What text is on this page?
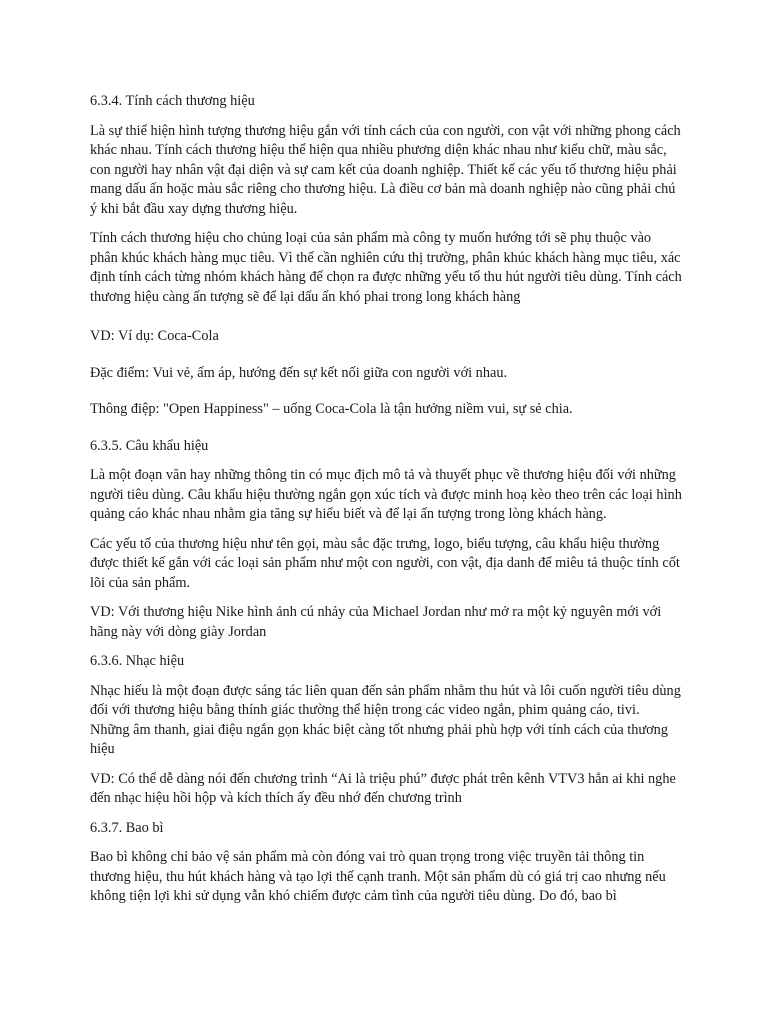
6.3.4. Tính cách thương hiệu

Là sự thiể hiện hình tượng thương hiệu gắn với tính cách của con người, con vật với những phong cách khác nhau. Tính cách thương hiệu thể hiện qua nhiều phương diện khác nhau như kiểu chữ, màu sắc, con người hay nhân vật đại diện và sự cam kết của doanh nghiệp. Thiết kế các yếu tố thương hiệu phải mang dấu ấn hoặc màu sắc riêng cho thương hiệu. Là điều cơ bản mà doanh nghiệp nào cũng phải chú ý khi bắt đầu xay dựng thương hiệu.

Tính cách thương hiệu cho chủng loại của sản phẩm mà công ty muốn hướng tới sẽ phụ thuộc vào phân khúc khách hàng mục tiêu. Vì thế cần nghiên cứu thị trường, phân khúc khách hàng mục tiêu, xác định tính cách từng nhóm khách hàng để chọn ra được những yếu tố thu hút người tiêu dùng. Tính cách thương hiệu càng ấn tượng sẽ để lại dấu ấn khó phai trong long khách hàng

VD: Ví dụ: Coca-Cola

Đặc điểm: Vui vẻ, ấm áp, hướng đến sự kết nối giữa con người với nhau.

Thông điệp: "Open Happiness" – uống Coca-Cola là tận hưởng niềm vui, sự sẻ chia.

6.3.5. Câu khẩu hiệu

Là một đoạn văn hay những thông tin có mục địch mô tả và thuyết phục về thương hiệu đối với những người tiêu dùng. Câu khẩu hiệu thường ngắn gọn xúc tích và được minh hoạ kèo theo trên các loại hình quảng cáo khác nhau nhằm gia tăng sự hiểu biết và để lại ấn tượng trong lòng khách hàng.

Các yếu tố của thương hiệu như tên gọi, màu sắc đặc trưng, logo, biểu tượng, câu khẩu hiệu thường được thiết kế gắn với các loại sản phẩm như một con người, con vật, địa danh để miêu tả thuộc tính cốt lõi của sản phẩm.

VD: Với thương hiệu Nike hình ảnh cú nhảy của Michael Jordan như mở ra một kỷ nguyên mới với hãng này với dòng giày Jordan

6.3.6. Nhạc hiệu

Nhạc hiếu là một đoạn được sáng tác liên quan đến sản phẩm nhằm thu hút và lôi cuốn người tiêu dùng đối với thương hiệu bằng thính giác thường thể hiện trong các video ngắn, phim quảng cáo, tivi. Những âm thanh, giai điệu ngắn gọn khác biệt càng tốt nhưng phải phù hợp với tính cách của thương hiệu

VD: Có thể dễ dàng nói đến chương trình “Ai là triệu phú” được phát trên kênh VTV3 hẳn ai khi nghe đến nhạc hiệu hồi hộp và kích thích ấy đều nhớ đến chương trình

6.3.7. Bao bì

Bao bì không chỉ bảo vệ sản phẩm mà còn đóng vai trò quan trọng trong việc truyền tải thông tin thương hiệu, thu hút khách hàng và tạo lợi thế cạnh tranh. Một sản phẩm dù có giá trị cao nhưng nếu không tiện lợi khi sử dụng vẫn khó chiếm được cảm tình của người tiêu dùng. Do đó, bao bì
